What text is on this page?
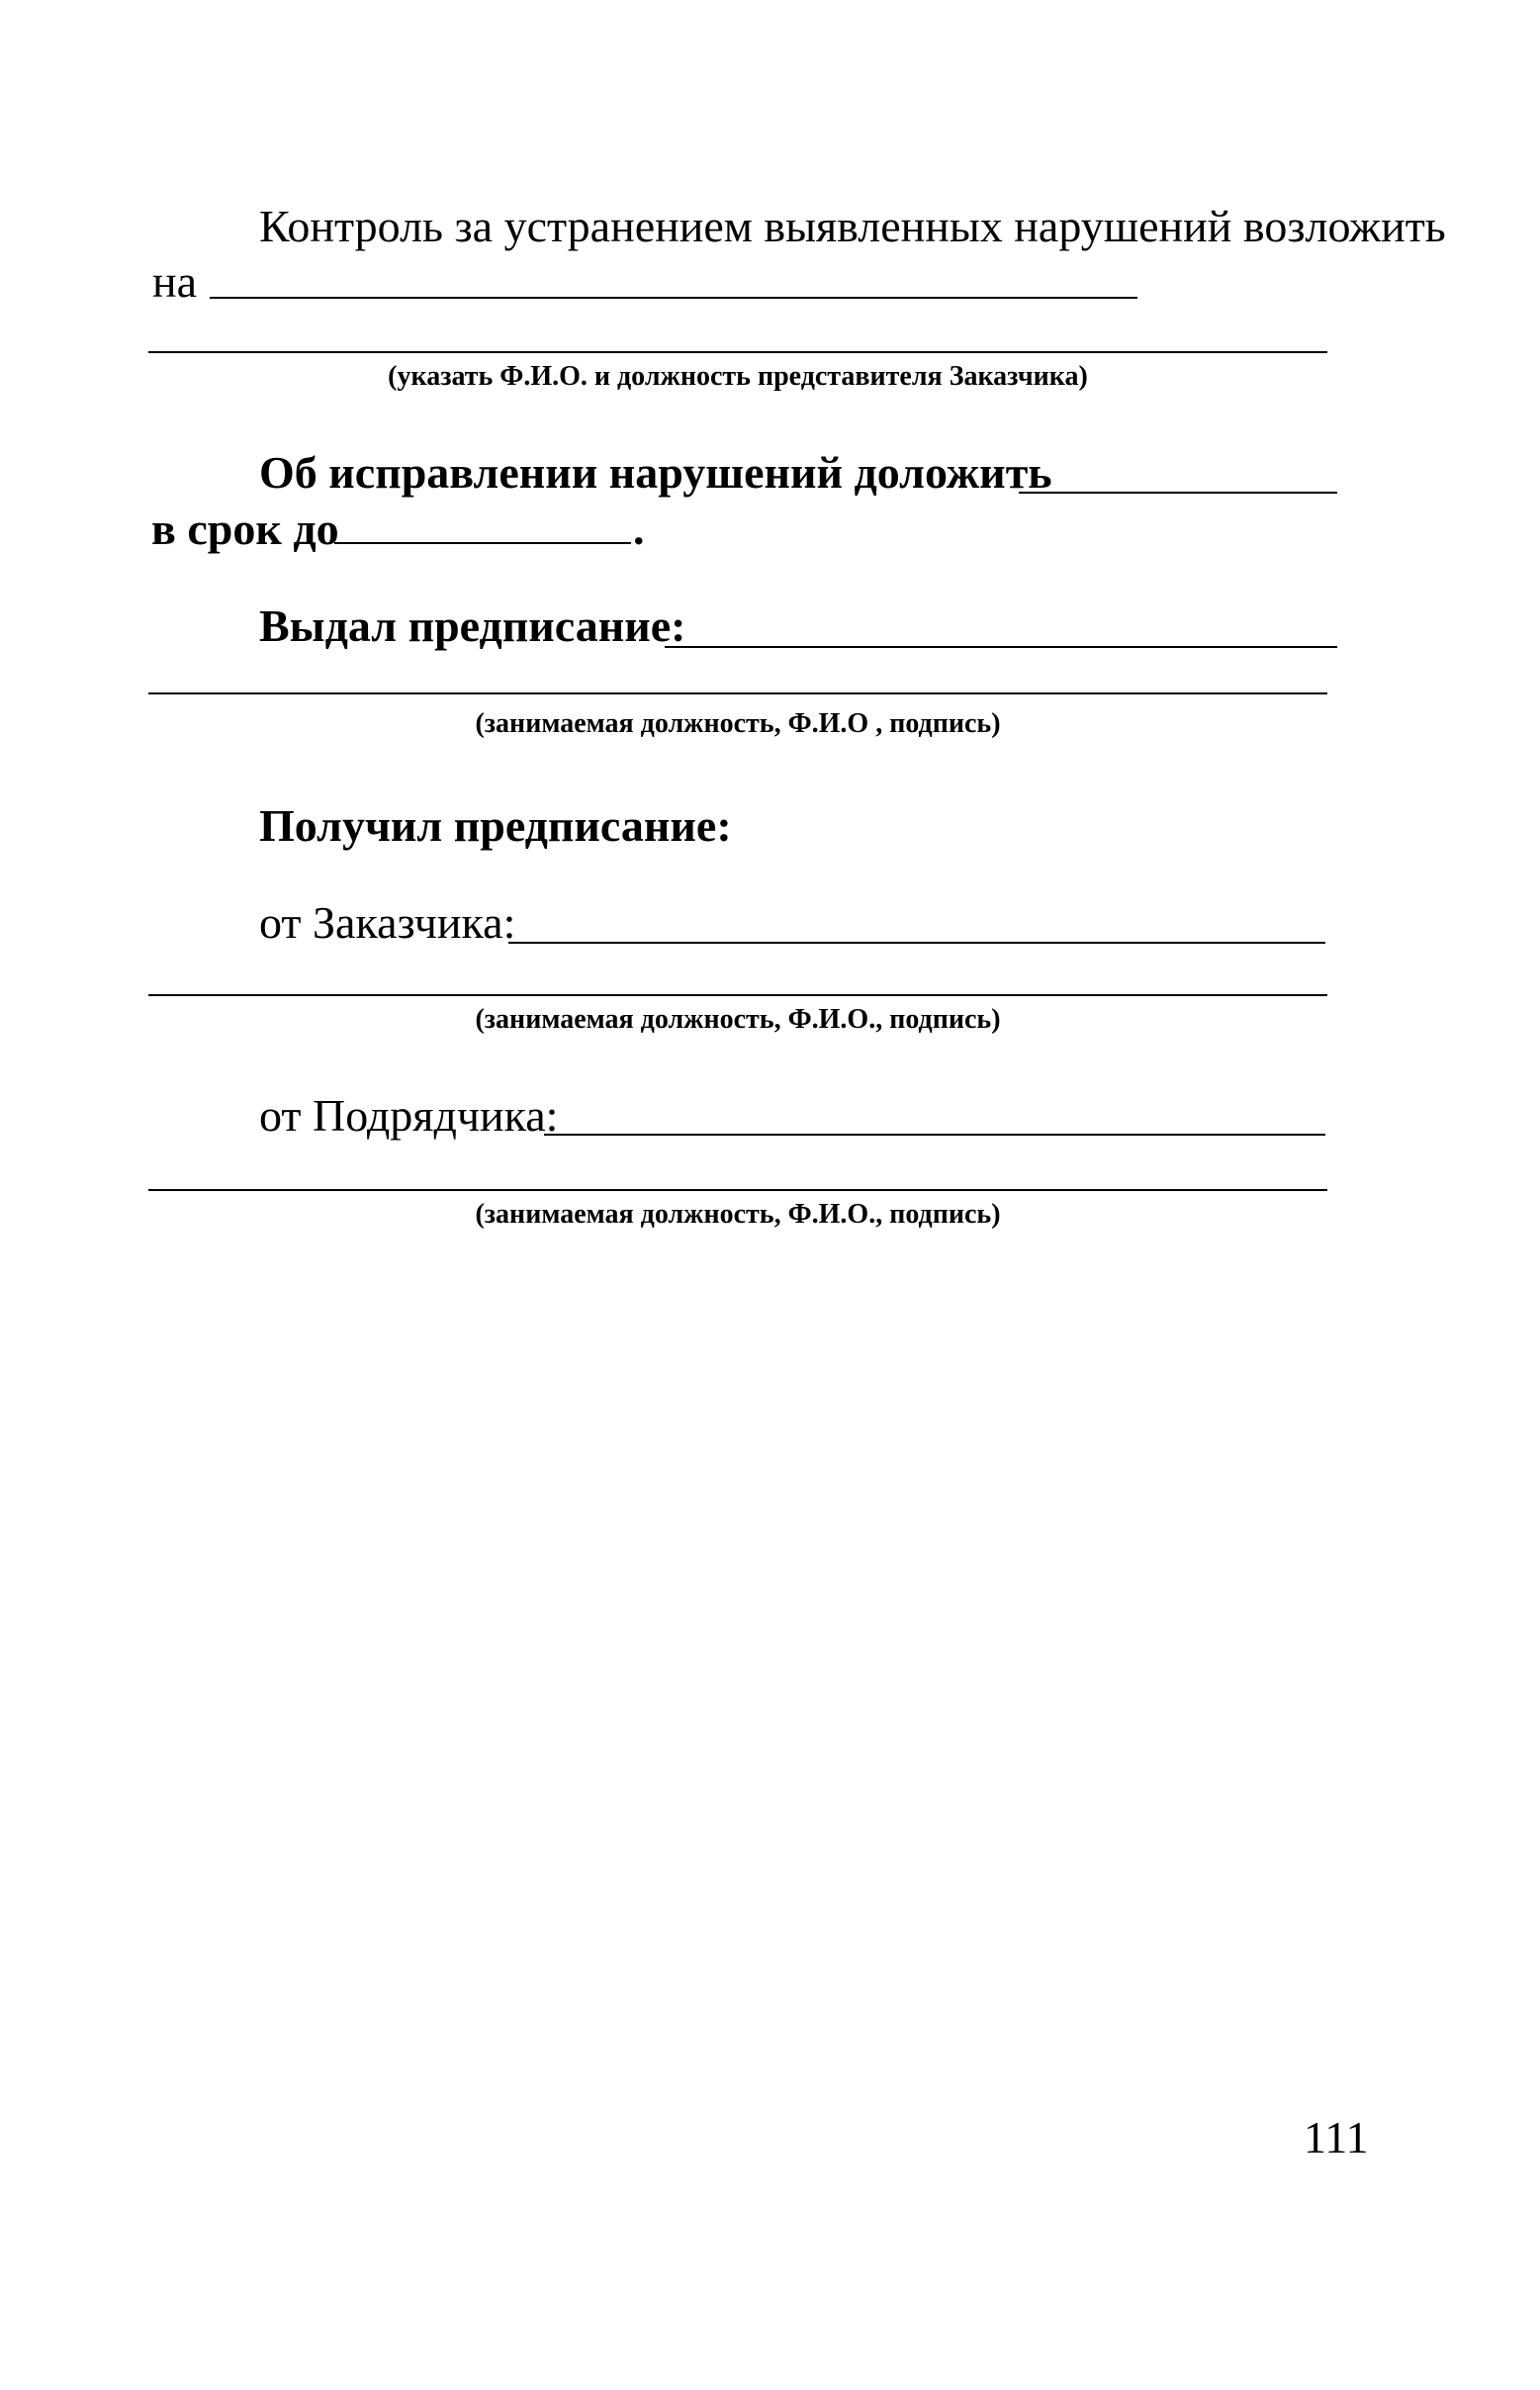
Контроль за устранением выявленных нарушений возложить
на
(указать Ф.И.О. и должность представителя Заказчика)
Об исправлении нарушений доложить
в срок до	.
Выдал предписание:
(занимаемая должность, Ф.И.О , подпись)
Получил предписание:
от Заказчика:
(занимаемая должность, Ф.И.О., подпись)
от Подрядчика:
(занимаемая должность, Ф.И.О., подпись)
111
